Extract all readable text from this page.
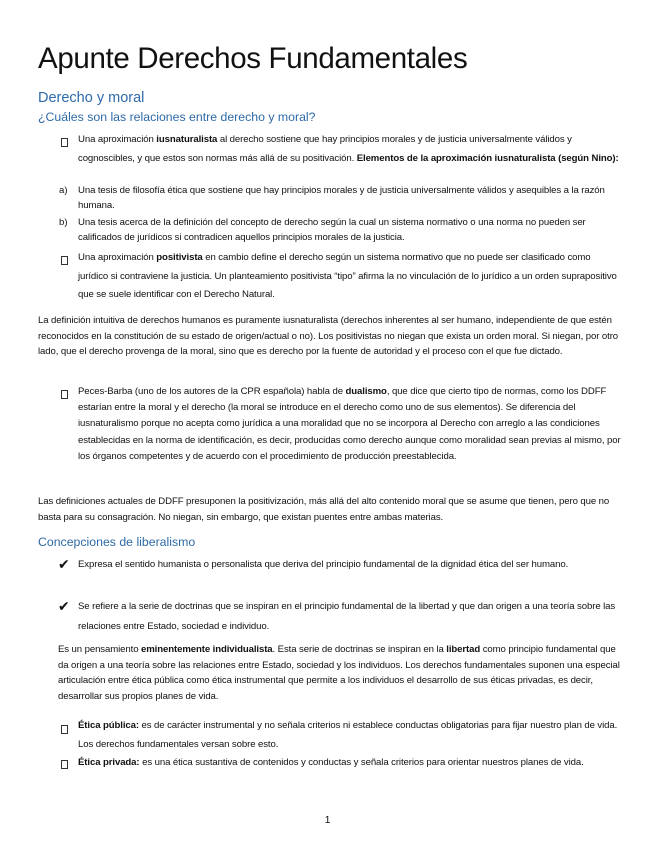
Apunte Derechos Fundamentales
Derecho y moral
¿Cuáles son las relaciones entre derecho y moral?

Una aproximación iusnaturalista al derecho sostiene que hay principios morales y de justicia universalmente válidos y cognoscibles, y que estos son normas más allá de su positivación. Elementos de la aproximación iusnaturalista (según Nino):

a) Una tesis de filosofía ética que sostiene que hay principios morales y de justicia universalmente válidos y asequibles a la razón humana.

b) Una tesis acerca de la definición del concepto de derecho según la cual un sistema normativo o una norma no pueden ser calificados de jurídicos si contradicen aquellos principios morales de la justicia.

Una aproximación positivista en cambio define el derecho según un sistema normativo que no puede ser clasificado como jurídico si contraviene la justicia. Un planteamiento positivista “tipo” afirma la no vinculación de lo jurídico a un orden suprapositivo que se suele identificar con el Derecho Natural.

La definición intuitiva de derechos humanos es puramente iusnaturalista (derechos inherentes al ser humano, independiente de que estén reconocidos en la constitución de su estado de origen/actual o no). Los positivistas no niegan que exista un orden moral. Si niegan, por otro lado, que el derecho provenga de la moral, sino que es derecho por la fuente de autoridad y el proceso con el que fue dictado.

Peces-Barba (uno de los autores de la CPR española) habla de dualismo, que dice que cierto tipo de normas, como los DDFF estarían entre la moral y el derecho (la moral se introduce en el derecho como uno de sus elementos). Se diferencia del iusnaturalismo porque no acepta como jurídica a una moralidad que no se incorpora al Derecho con arreglo a las condiciones establecidas en la norma de identificación, es decir, producidas como derecho aunque como moralidad sean previas al mismo, por los órganos competentes y de acuerdo con el procedimiento de producción preestablecida.

Las definiciones actuales de DDFF presuponen la positivización, más allá del alto contenido moral que se asume que tienen, pero que no basta para su consagración. No niegan, sin embargo, que existan puentes entre ambas materias.

Concepciones de liberalismo
✔ Expresa el sentido humanista o personalista que deriva del principio fundamental de la dignidad ética del ser humano.

✔ Se refiere a la serie de doctrinas que se inspiran en el principio fundamental de la libertad y que dan origen a una teoría sobre las relaciones entre Estado, sociedad e individuo.

Es un pensamiento eminentemente individualista. Esta serie de doctrinas se inspiran en la libertad como principio fundamental que da origen a una teoría sobre las relaciones entre Estado, sociedad y los individuos. Los derechos fundamentales suponen una especial articulación entre ética pública como ética instrumental que permite a los individuos el desarrollo de sus éticas privadas, es decir, desarrollar sus propios planes de vida.

Ética pública: es de carácter instrumental y no señala criterios ni establece conductas obligatorias para fijar nuestro plan de vida. Los derechos fundamentales versan sobre esto.

Ética privada: es una ética sustantiva de contenidos y conductas y señala criterios para orientar nuestros planes de vida.

1
